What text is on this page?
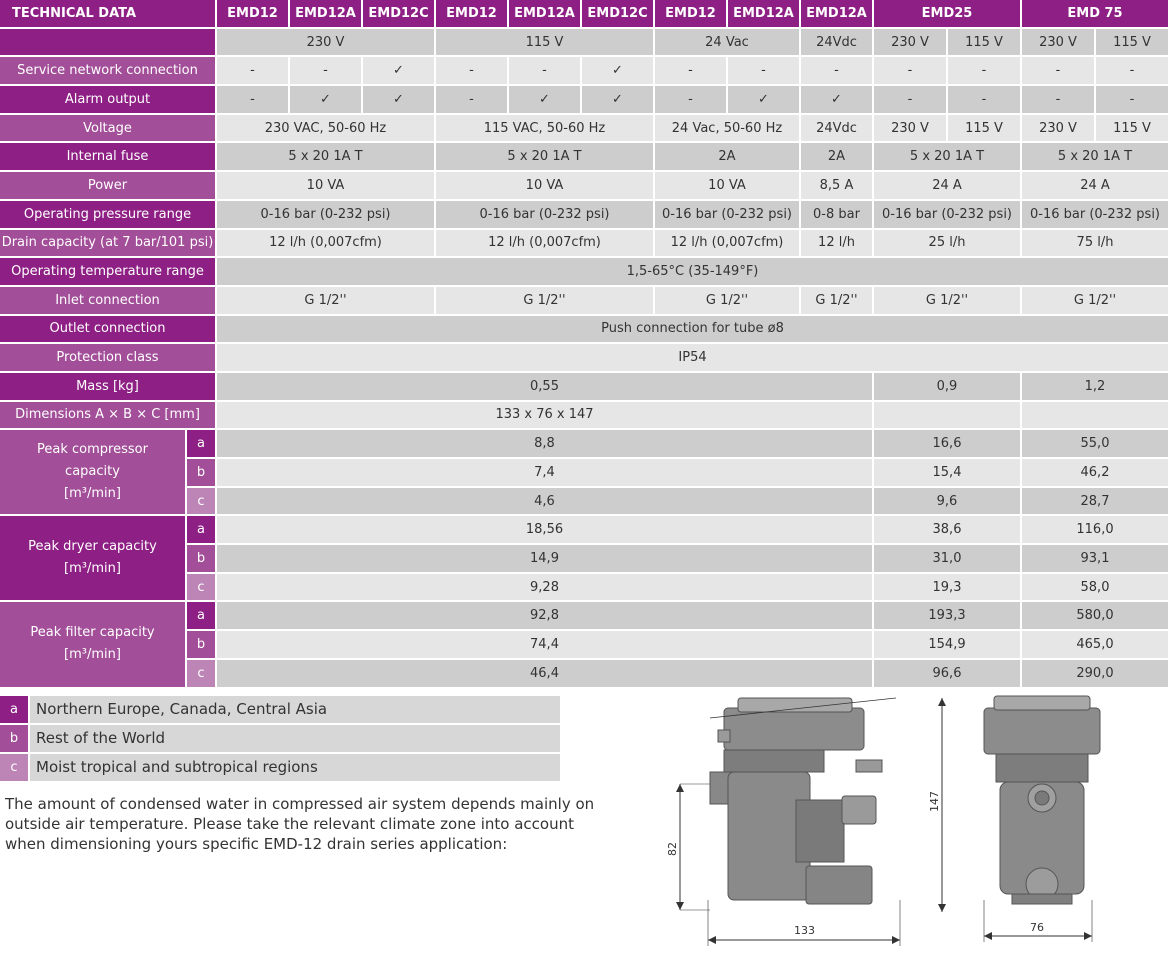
TECHNICAL DATA		EMD12	EMD12A	EMD12C	EMD12	EMD12A	EMD12C	EMD12	EMD12A	EMD12A	EMD25		EMD 75	
		230 V			115 V			24 Vac		24Vdc	230 V	115 V	230 V	115 V
Service network connection		-	-	✓	-	-	✓	-	-	-	-	-	-	-
Alarm output		-	✓	✓	-	✓	✓	-	✓	✓	-	-	-	-
Voltage		230 VAC, 50-60 Hz			115 VAC, 50-60 Hz			24 Vac, 50-60 Hz		24Vdc	230 V	115 V	230 V	115 V
Internal fuse		5 x 20 1A T			5 x 20 1A T			2A		2A	5 x 20 1A T		5 x 20 1A T	
Power		10 VA			10 VA			10 VA		8,5 A	24 A		24 A	
Operating pressure range		0-16 bar (0-232 psi)			0-16 bar (0-232 psi)			0-16 bar (0-232 psi)		0-8 bar	0-16 bar (0-232 psi)		0-16 bar (0-232 psi)	
Drain capacity (at 7 bar/101 psi)		12 l/h (0,007cfm)			12 l/h (0,007cfm)			12 l/h (0,007cfm)		12 l/h	25 l/h		75 l/h	
Operating temperature range		1,5-65°C (35-149°F)												
Inlet connection		G 1/2''			G 1/2''			G 1/2''		G 1/2''	G 1/2''		G 1/2''	
Outlet connection		Push connection for tube ø8												
Protection class		IP54												
Mass [kg]		0,55									0,9		1,2	
Dimensions A × B × C [mm]		133 x 76 x 147												

Peak compressor
capacity
[m³/min]	a	8,8									16,6		55,0	
	b	7,4									15,4		46,2	
	c	4,6									9,6		28,7	

Peak dryer capacity
[m³/min]	a	18,56									38,6		116,0	
	b	14,9									31,0		93,1	
	c	9,28									19,3		58,0	

Peak filter capacity
[m³/min]	a	92,8									193,3		580,0	
	b	74,4									154,9		465,0	
	c	46,4									96,6		290,0	
a	Northern Europe, Canada, Central Asia
b	Rest of the World
c	Moist tropical and subtropical regions
The amount of condensed water in compressed air system depends mainly on outside air temperature. Please take the relevant climate zone into account when dimensioning yours specific EMD-12 drain series application:	82
147
133	76
